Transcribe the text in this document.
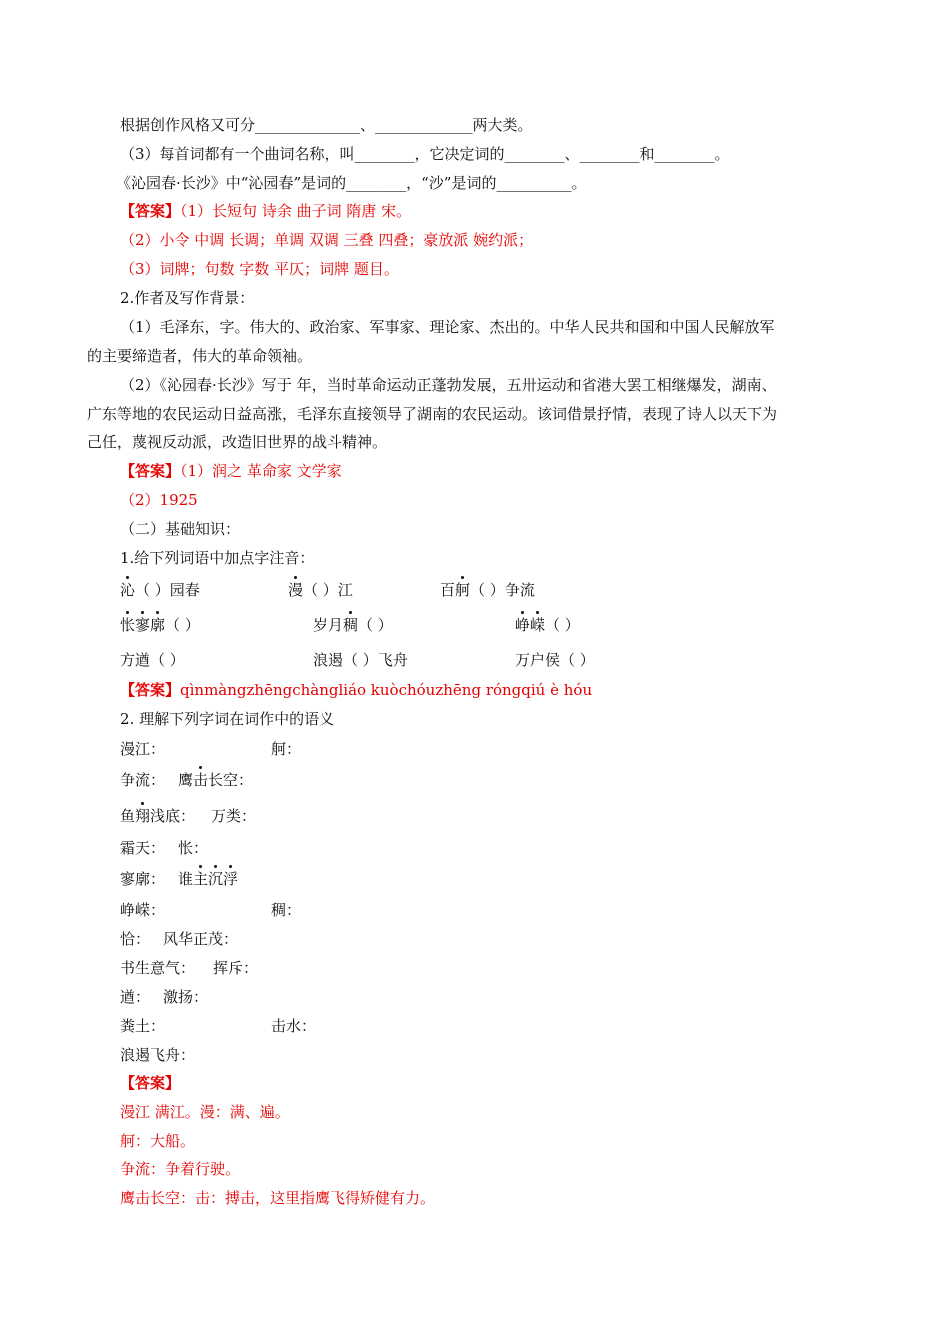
根据创作风格又可分______________、_____________两大类。
（3）每首词都有一个曲词名称，叫________，它决定词的________、________和________。
《沁园春·长沙》中“沁园春”是词的________，“沙”是词的__________。
【答案】（1）长短句 诗余 曲子词 隋唐 宋。
（2）小令 中调 长调；单调 双调 三叠 四叠；豪放派 婉约派；
（3）词牌；句数 字数 平仄；词牌 题目。
2.作者及写作背景：
（1）毛泽东，字。伟大的、政治家、军事家、理论家、杰出的。中华人民共和国和中国人民解放军
的主要缔造者，伟大的革命领袖。
（2）《沁园春·长沙》写于 年，当时革命运动正蓬勃发展，五卅运动和省港大罢工相继爆发，湖南、
广东等地的农民运动日益高涨，毛泽东直接领导了湖南的农民运动。该词借景抒情，表现了诗人以天下为
己任，蔑视反动派，改造旧世界的战斗精神。
【答案】（1）润之 革命家 文学家
（2）1925
（二）基础知识：
1.给下列词语中加点字注音：
沁（ ）园春	漫（ ）江	百舸（ ）争流
怅寥廓（ ）	岁月稠（ ）	峥嵘（ ）
方遒（ ）	浪遏（ ）飞舟	万户侯（ ）
【答案】qìnmàngzhēngchàngliáo kuòchóuzhēng róngqiú è hóu
2. 理解下列字词在词作中的语义
漫江：	舸：
争流： 鹰击长空：
鱼翔浅底： 万类：
霜天： 怅：
寥廓： 谁主沉浮
峥嵘：	稠：
恰： 风华正茂：
书生意气： 挥斥：
遒： 激扬：
粪土：	击水：
浪遏飞舟：
【答案】
漫江 满江。漫：满、遍。
舸：大船。
争流：争着行驶。
鹰击长空：击：搏击，这里指鹰飞得矫健有力。
